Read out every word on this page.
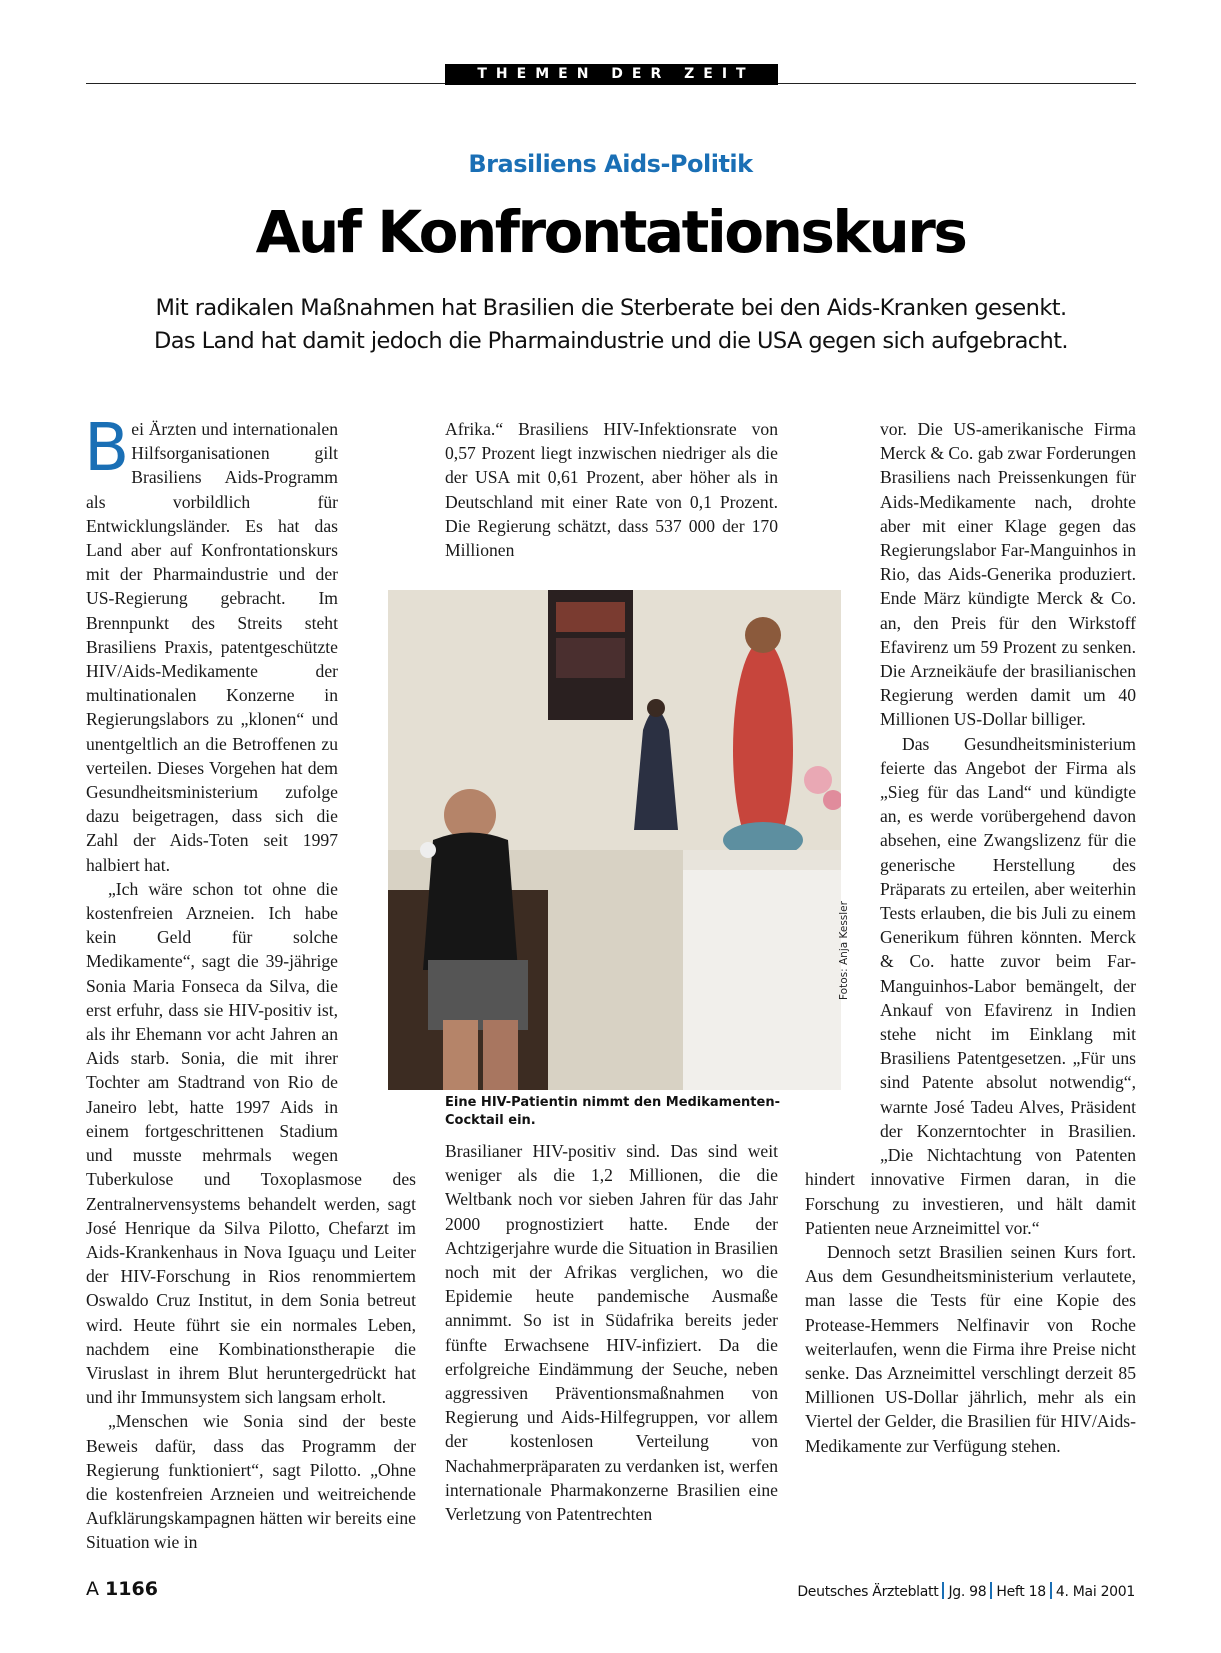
THEMEN DER ZEIT
Brasiliens Aids-Politik
Auf Konfrontationskurs
Mit radikalen Maßnahmen hat Brasilien die Sterberate bei den Aids-Kranken gesenkt.
Das Land hat damit jedoch die Pharmaindustrie und die USA gegen sich aufgebracht.

Bei Ärzten und internationalen Hilfsorganisationen gilt Brasiliens Aids-Programm als vorbildlich für Entwicklungsländer. Es hat das Land aber auf Konfrontationskurs mit der Pharmaindustrie und der US-Regierung gebracht. Im Brennpunkt des Streits steht Brasiliens Praxis, patentgeschützte HIV/Aids-Medikamente der multinationalen Konzerne in Regierungslabors zu „klonen“ und unentgeltlich an die Betroffenen zu verteilen. Dieses Vorgehen hat dem Gesundheitsministerium zufolge dazu beigetragen, dass sich die Zahl der Aids-Toten seit 1997 halbiert hat.

„Ich wäre schon tot ohne die kostenfreien Arzneien. Ich habe kein Geld für solche Medikamente“, sagt die 39-jährige Sonia Maria Fonseca da Silva, die erst erfuhr, dass sie HIV-positiv ist, als ihr Ehemann vor acht Jahren an Aids starb. Sonia, die mit ihrer Tochter am Stadtrand von Rio de Janeiro lebt, hatte 1997 Aids in einem fortgeschrittenen Stadium und musste mehrmals wegen Tuberkulose und Toxoplasmose des Zentralnervensystems behandelt werden, sagt José Henrique da Silva Pilotto, Chefarzt im Aids-Krankenhaus in Nova Iguaçu und Leiter der HIV-Forschung in Rios renommiertem Oswaldo Cruz Institut, in dem Sonia betreut wird. Heute führt sie ein normales Leben, nachdem eine Kombinationstherapie die Viruslast in ihrem Blut heruntergedrückt hat und ihr Immunsystem sich langsam erholt.

„Menschen wie Sonia sind der beste Beweis dafür, dass das Programm der Regierung funktioniert“, sagt Pilotto. „Ohne die kostenfreien Arzneien und weitreichende Aufklärungskampagnen hätten wir bereits eine Situation wie in

Afrika.“ Brasiliens HIV-Infektionsrate von 0,57 Prozent liegt inzwischen niedriger als die der USA mit 0,61 Prozent, aber höher als in Deutschland mit einer Rate von 0,1 Prozent. Die Regierung schätzt, dass 537 000 der 170 Millionen

Fotos: Anja Kessler
Eine HIV-Patientin nimmt den Medikamenten-Cocktail ein.

Brasilianer HIV-positiv sind. Das sind weit weniger als die 1,2 Millionen, die die Weltbank noch vor sieben Jahren für das Jahr 2000 prognostiziert hatte. Ende der Achtzigerjahre wurde die Situation in Brasilien noch mit der Afrikas verglichen, wo die Epidemie heute pandemische Ausmaße annimmt. So ist in Südafrika bereits jeder fünfte Erwachsene HIV-infiziert. Da die erfolgreiche Eindämmung der Seuche, neben aggressiven Präventionsmaßnahmen von Regierung und Aids-Hilfegruppen, vor allem der kostenlosen Verteilung von Nachahmerpräparaten zu verdanken ist, werfen internationale Pharmakonzerne Brasilien eine Verletzung von Patentrechten

vor. Die US-amerikanische Firma Merck & Co. gab zwar Forderungen Brasiliens nach Preissenkungen für Aids-Medikamente nach, drohte aber mit einer Klage gegen das Regierungslabor Far-Manguinhos in Rio, das Aids-Generika produziert. Ende März kündigte Merck & Co. an, den Preis für den Wirkstoff Efavirenz um 59 Prozent zu senken. Die Arzneikäufe der brasilianischen Regierung werden damit um 40 Millionen US-Dollar billiger.

Das Gesundheitsministerium feierte das Angebot der Firma als „Sieg für das Land“ und kündigte an, es werde vorübergehend davon absehen, eine Zwangslizenz für die generische Herstellung des Präparats zu erteilen, aber weiterhin Tests erlauben, die bis Juli zu einem Generikum führen könnten. Merck & Co. hatte zuvor beim Far-Manguinhos-Labor bemängelt, der Ankauf von Efavirenz in Indien stehe nicht im Einklang mit Brasiliens Patentgesetzen. „Für uns sind Patente absolut notwendig“, warnte José Tadeu Alves, Präsident der Konzerntochter in Brasilien. „Die Nichtachtung von Patenten hindert innovative Firmen daran, in die Forschung zu investieren, und hält damit Patienten neue Arzneimittel vor.“

Dennoch setzt Brasilien seinen Kurs fort. Aus dem Gesundheitsministerium verlautete, man lasse die Tests für eine Kopie des Protease-Hemmers Nelfinavir von Roche weiterlaufen, wenn die Firma ihre Preise nicht senke. Das Arzneimittel verschlingt derzeit 85 Millionen US-Dollar jährlich, mehr als ein Viertel der Gelder, die Brasilien für HIV/Aids-Medikamente zur Verfügung stehen.

A 1166	Deutsches Ärzteblatt Jg. 98 Heft 18 4. Mai 2001
